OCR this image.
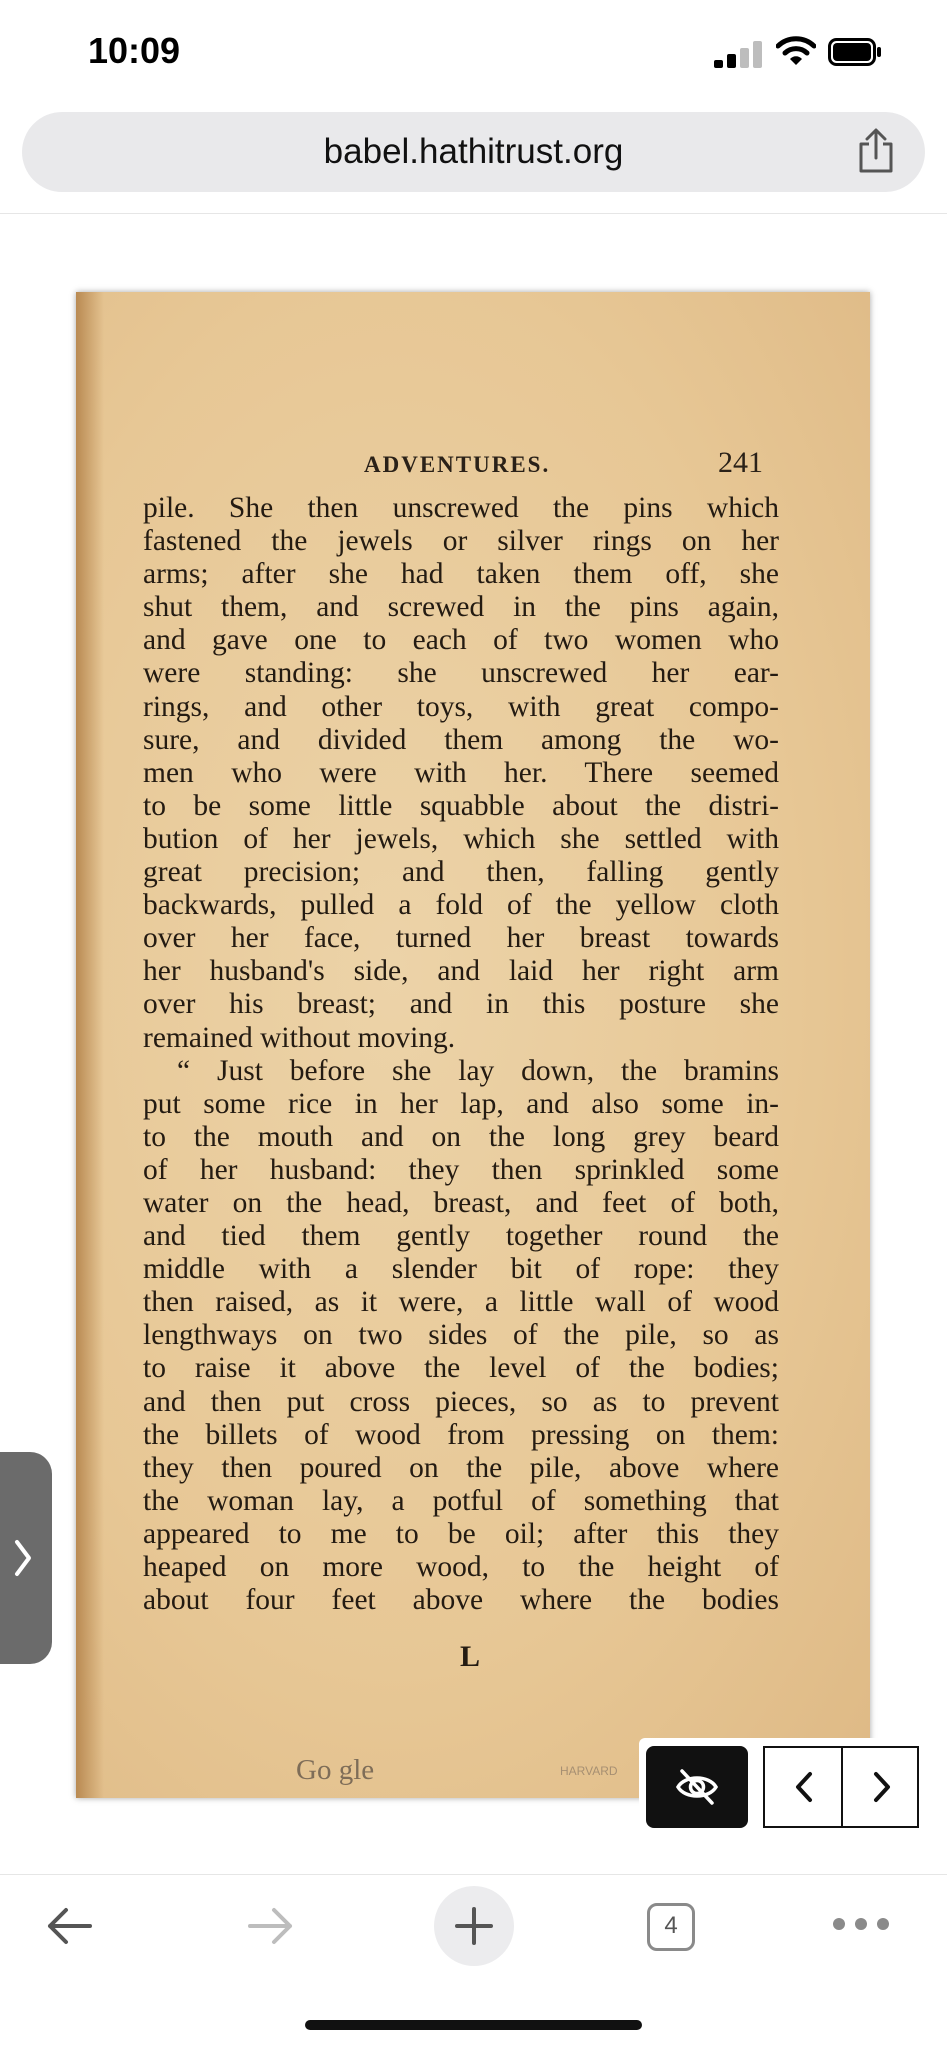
10:09
babel.hathitrust.org
ADVENTURES.	241
pile. She then unscrewed the pins which
fastened the jewels or silver rings on her
arms; after she had taken them off, she
shut them, and screwed in the pins again,
and gave one to each of two women who
were standing: she unscrewed her ear-
rings, and other toys, with great compo-
sure, and divided them among the wo-
men who were with her. There seemed
to be some little squabble about the distri-
bution of her jewels, which she settled with
great precision; and then, falling gently
backwards, pulled a fold of the yellow cloth
over her face, turned her breast towards
her husband's side, and laid her right arm
over his breast; and in this posture she
remained without moving.
“ Just before she lay down, the bramins
put some rice in her lap, and also some in-
to the mouth and on the long grey beard
of her husband: they then sprinkled some
water on the head, breast, and feet of both,
and tied them gently together round the
middle with a slender bit of rope: they
then raised, as it were, a little wall of wood
lengthways on two sides of the pile, so as
to raise it above the level of the bodies;
and then put cross pieces, so as to prevent
the billets of wood from pressing on them:
they then poured on the pile, above where
the woman lay, a potful of something that
appeared to me to be oil; after this they
heaped on more wood, to the height of
about four feet above where the bodies
L
Go gle	HARVARD
4
